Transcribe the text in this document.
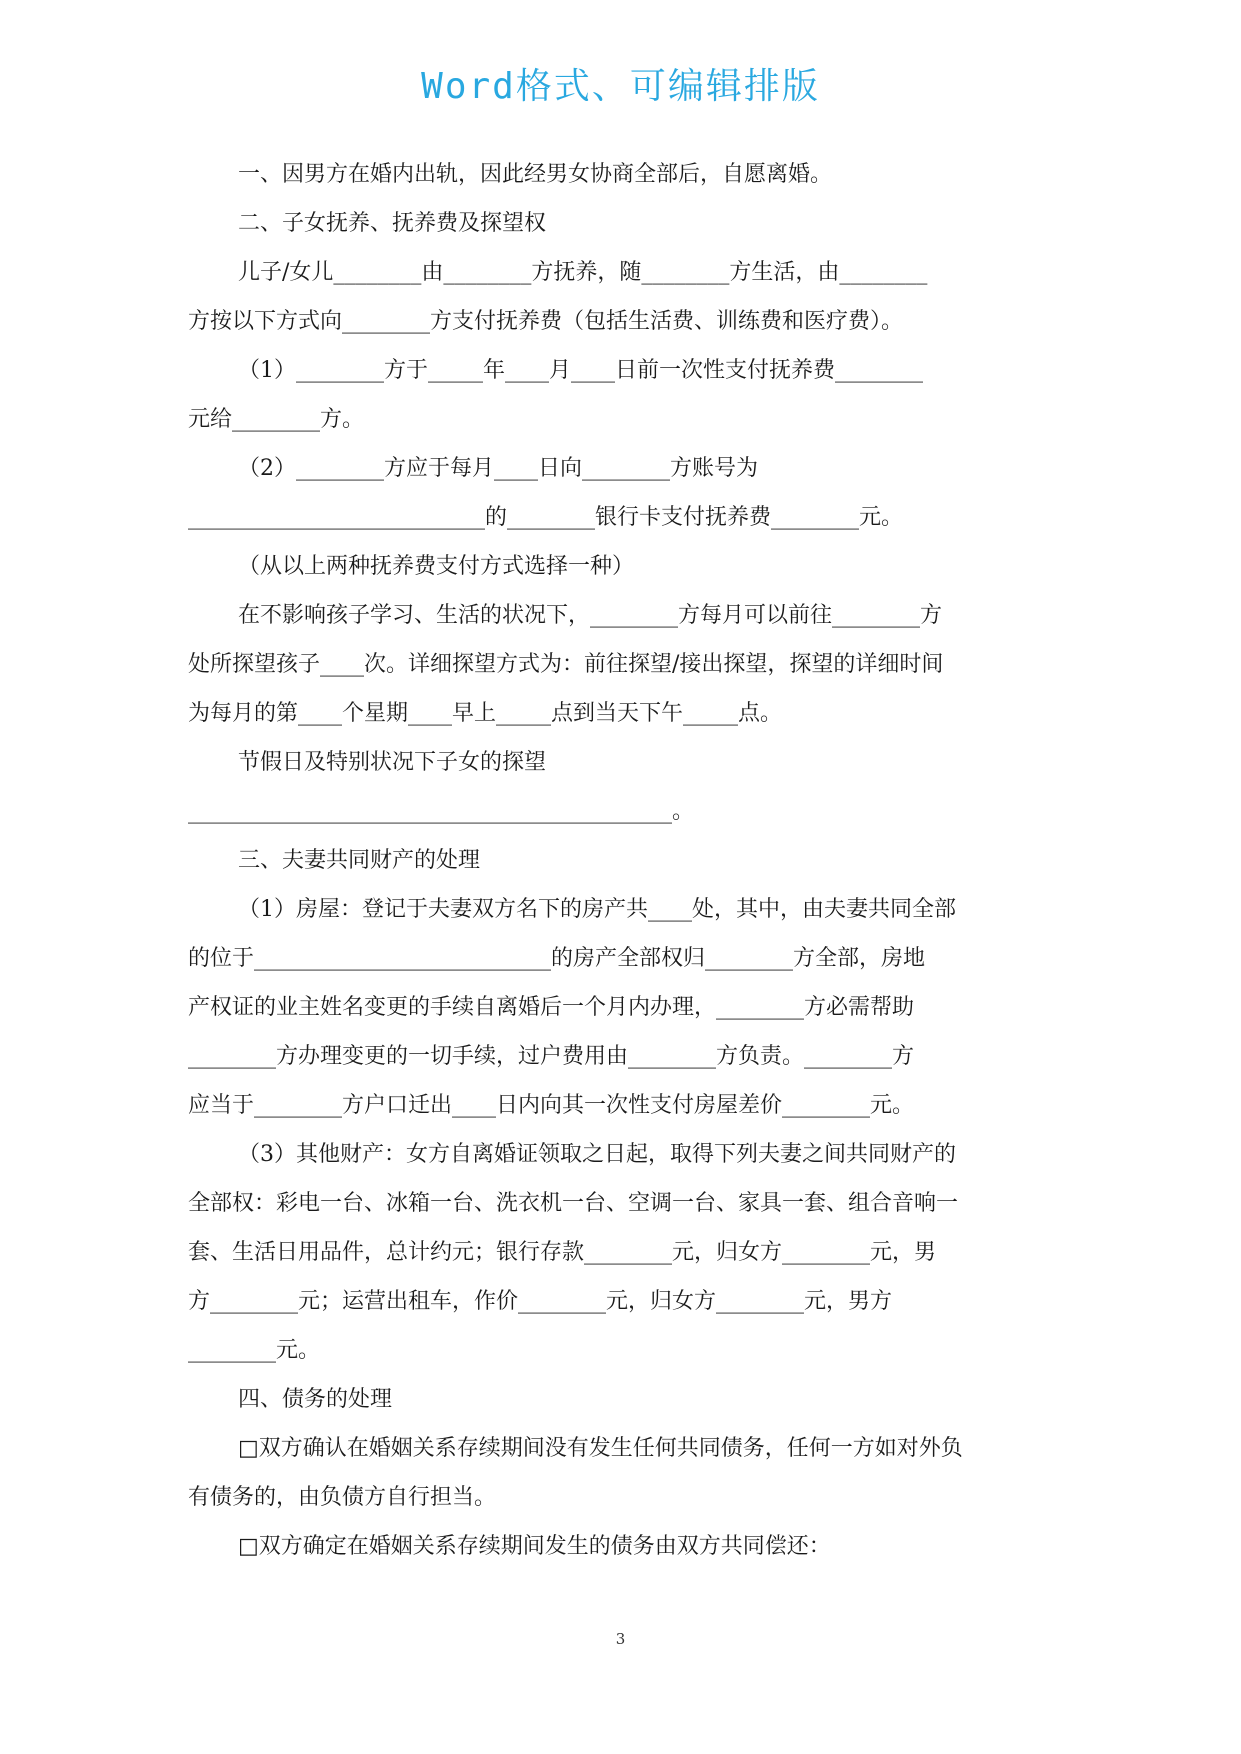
Word格式、可编辑排版
一、因男方在婚内出轨，因此经男女协商全部后，自愿离婚。
二、子女抚养、抚养费及探望权
儿子/女儿________由________方抚养，随________方生活，由________
方按以下方式向________方支付抚养费（包括生活费、训练费和医疗费）。
（1）________方于_____年____月____日前一次性支付抚养费________
元给________方。
（2）________方应于每月____日向________方账号为
___________________________的________银行卡支付抚养费________元。
（从以上两种抚养费支付方式选择一种）
在不影响孩子学习、生活的状况下，________方每月可以前往________方
处所探望孩子____次。详细探望方式为：前往探望/接出探望，探望的详细时间
为每月的第____个星期____早上_____点到当天下午_____点。
节假日及特别状况下子女的探望
____________________________________________。
三、夫妻共同财产的处理
（1）房屋：登记于夫妻双方名下的房产共____处，其中，由夫妻共同全部
的位于___________________________的房产全部权归________方全部，房地
产权证的业主姓名变更的手续自离婚后一个月内办理，________方必需帮助
________方办理变更的一切手续，过户费用由________方负责。________方
应当于________方户口迁出____日内向其一次性支付房屋差价________元。
（3）其他财产：女方自离婚证领取之日起，取得下列夫妻之间共同财产的
全部权：彩电一台、冰箱一台、洗衣机一台、空调一台、家具一套、组合音响一
套、生活日用品件，总计约元；银行存款________元，归女方________元，男
方________元；运营出租车，作价________元，归女方________元，男方
________元。
四、债务的处理
□双方确认在婚姻关系存续期间没有发生任何共同债务，任何一方如对外负
有债务的，由负债方自行担当。
□双方确定在婚姻关系存续期间发生的债务由双方共同偿还：
3
